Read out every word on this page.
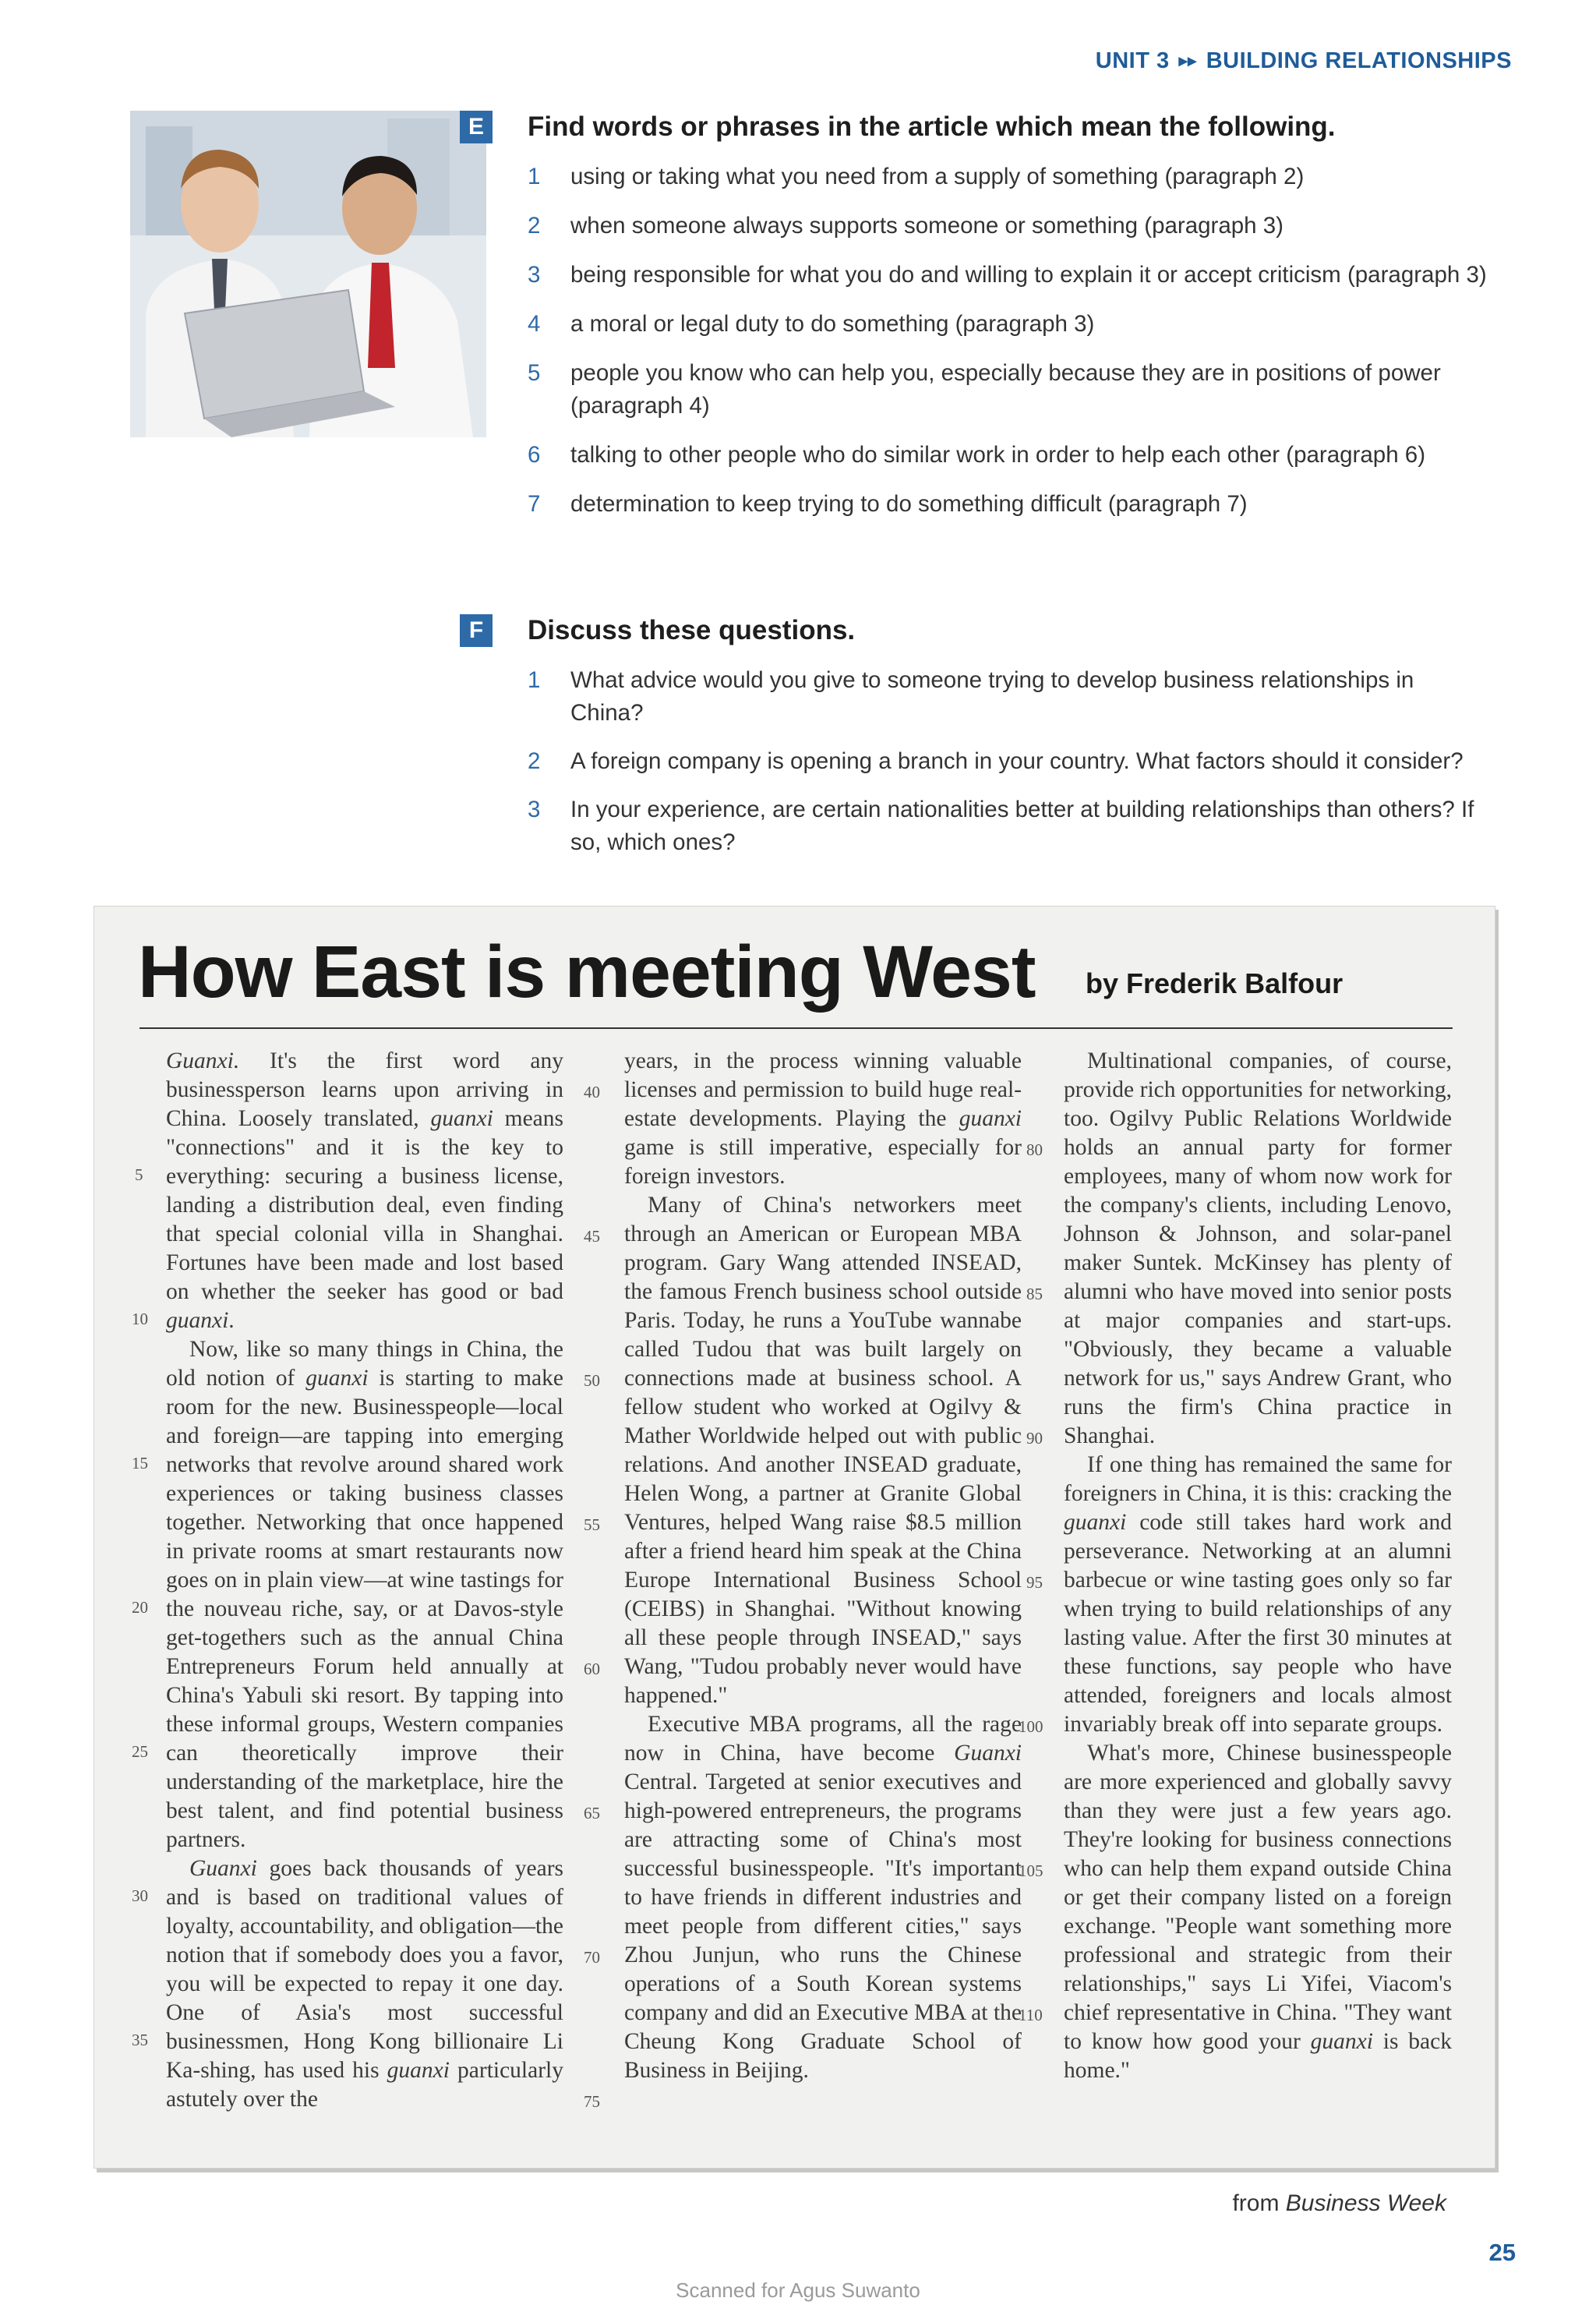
UNIT 3 ▸▸ BUILDING RELATIONSHIPS
E	Find words or phrases in the article which mean the following.
1 using or taking what you need from a supply of something (paragraph 2)
2 when someone always supports someone or something (paragraph 3)
3 being responsible for what you do and willing to explain it or accept criticism (paragraph 3)
4 a moral or legal duty to do something (paragraph 3)
5 people you know who can help you, especially because they are in positions of power (paragraph 4)
6 talking to other people who do similar work in order to help each other (paragraph 6)
7 determination to keep trying to do something difficult (paragraph 7)
F	Discuss these questions.
1 What advice would you give to someone trying to develop business relationships in China?
2 A foreign company is opening a branch in your country. What factors should it consider?
3 In your experience, are certain nationalities better at building relationships than others? If so, which ones?
How East is meeting West by Frederik Balfour

Guanxi. It's the first word any businessperson learns upon arriving in China. Loosely translated, guanxi means "connections" and it is the key to everything: securing a business license, landing a distribution deal, even finding that special colonial villa in Shanghai. Fortunes have been made and lost based on whether the seeker has good or bad guanxi.

Now, like so many things in China, the old notion of guanxi is starting to make room for the new. Businesspeople—local and foreign—are tapping into emerging networks that revolve around shared work experiences or taking business classes together. Networking that once happened in private rooms at smart restaurants now goes on in plain view—at wine tastings for the nouveau riche, say, or at Davos-style get-togethers such as the annual China Entrepreneurs Forum held annually at China's Yabuli ski resort. By tapping into these informal groups, Western companies can theoretically improve their understanding of the marketplace, hire the best talent, and find potential business partners.

Guanxi goes back thousands of years and is based on traditional values of loyalty, accountability, and obligation—the notion that if somebody does you a favor, you will be expected to repay it one day. One of Asia's most successful businessmen, Hong Kong billionaire Li Ka-shing, has used his guanxi particularly astutely over the

years, in the process winning valuable licenses and permission to build huge real-estate developments. Playing the guanxi game is still imperative, especially for foreign investors.

Many of China's networkers meet through an American or European MBA program. Gary Wang attended INSEAD, the famous French business school outside Paris. Today, he runs a YouTube wannabe called Tudou that was built largely on connections made at business school. A fellow student who worked at Ogilvy & Mather Worldwide helped out with public relations. And another INSEAD graduate, Helen Wong, a partner at Granite Global Ventures, helped Wang raise $8.5 million after a friend heard him speak at the China Europe International Business School (CEIBS) in Shanghai. "Without knowing all these people through INSEAD," says Wang, "Tudou probably never would have happened."

Executive MBA programs, all the rage now in China, have become Guanxi Central. Targeted at senior executives and high-powered entrepreneurs, the programs are attracting some of China's most successful businesspeople. "It's important to have friends in different industries and meet people from different cities," says Zhou Junjun, who runs the Chinese operations of a South Korean systems company and did an Executive MBA at the Cheung Kong Graduate School of Business in Beijing.

Multinational companies, of course, provide rich opportunities for networking, too. Ogilvy Public Relations Worldwide holds an annual party for former employees, many of whom now work for the company's clients, including Lenovo, Johnson & Johnson, and solar-panel maker Suntek. McKinsey has plenty of alumni who have moved into senior posts at major companies and start-ups. "Obviously, they became a valuable network for us," says Andrew Grant, who runs the firm's China practice in Shanghai.

If one thing has remained the same for foreigners in China, it is this: cracking the guanxi code still takes hard work and perseverance. Networking at an alumni barbecue or wine tasting goes only so far when trying to build relationships of any lasting value. After the first 30 minutes at these functions, say people who have attended, foreigners and locals almost invariably break off into separate groups.

What's more, Chinese businesspeople are more experienced and globally savvy than they were just a few years ago. They're looking for business connections who can help them expand outside China or get their company listed on a foreign exchange. "People want something more professional and strategic from their relationships," says Li Yifei, Viacom's chief representative in China. "They want to know how good your guanxi is back home."

5
10
15
20
25
30
35
40
45
50
55
60
65
70
75
80
85
90
95
100
105
110
from Business Week
25
Scanned for Agus Suwanto
